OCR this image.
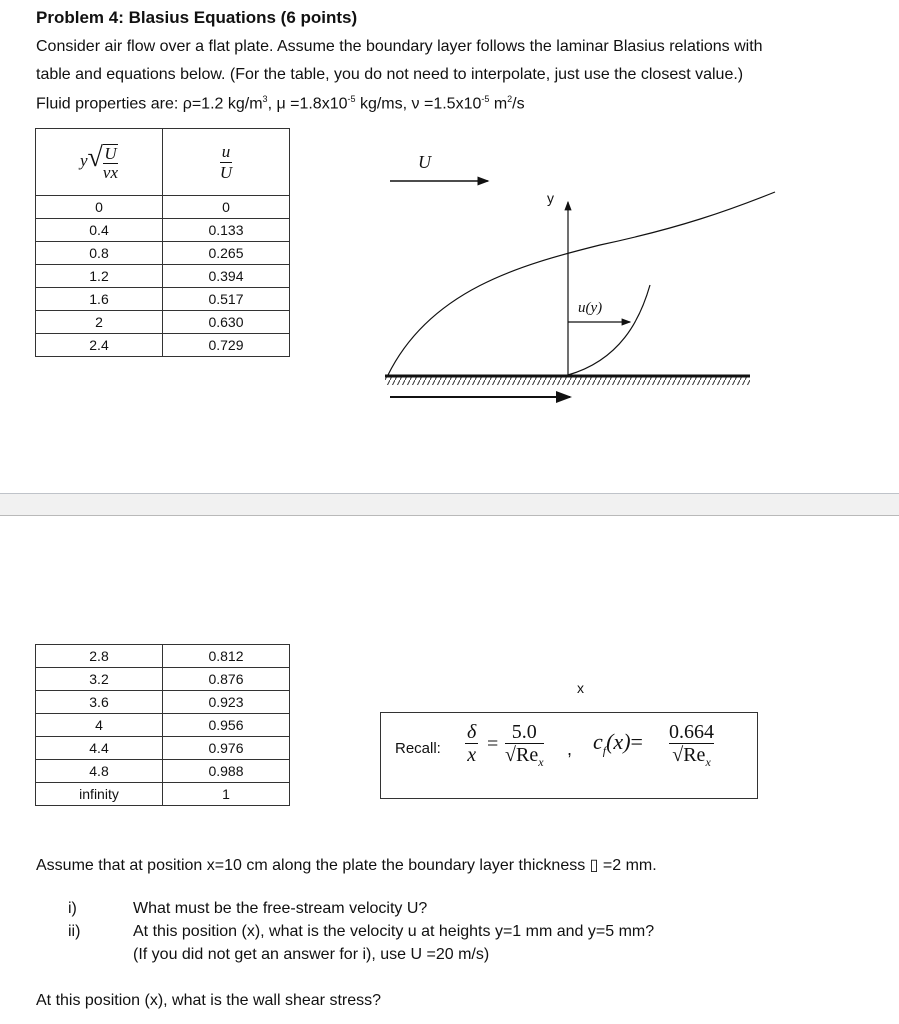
Problem 4: Blasius Equations (6 points)
Consider air flow over a flat plate. Assume the boundary layer follows the laminar Blasius relations with
table and equations below. (For the table, you do not need to interpolate, just use the closest value.)
Fluid properties are: ρ=1.2 $kg/m^3$, $\mu =1.8x10^{-5}$ kg/ms, $\nu =1.5x10^{-5}$ $m^2/s$
$y√ \frac{U}{\nu x}$	$\frac{u}{U}$

0	0
0.4	0.133
0.8	0.265
1.2	0.394
1.6	0.517
2	0.630
2.4	0.729
U
y
u(y)
2.8	0.812
3.2	0.876
3.6	0.923
4	0.956
4.4	0.976
4.8	0.988
infinity	1
x
Recall:
δ
x =
5.0
$√Re_x$
, $c_f(x)= 0.664$
$√Re_x$
Assume that at position x=10 cm along the plate the boundary layer thickness ▯ =2 mm.
i)	What must be the free-stream velocity U?
ii)	At this position (x), what is the velocity u at heights y=1 mm and y=5 mm?
(If you did not get an answer for i), use U =20 m/s)
At this position (x), what is the wall shear stress?
